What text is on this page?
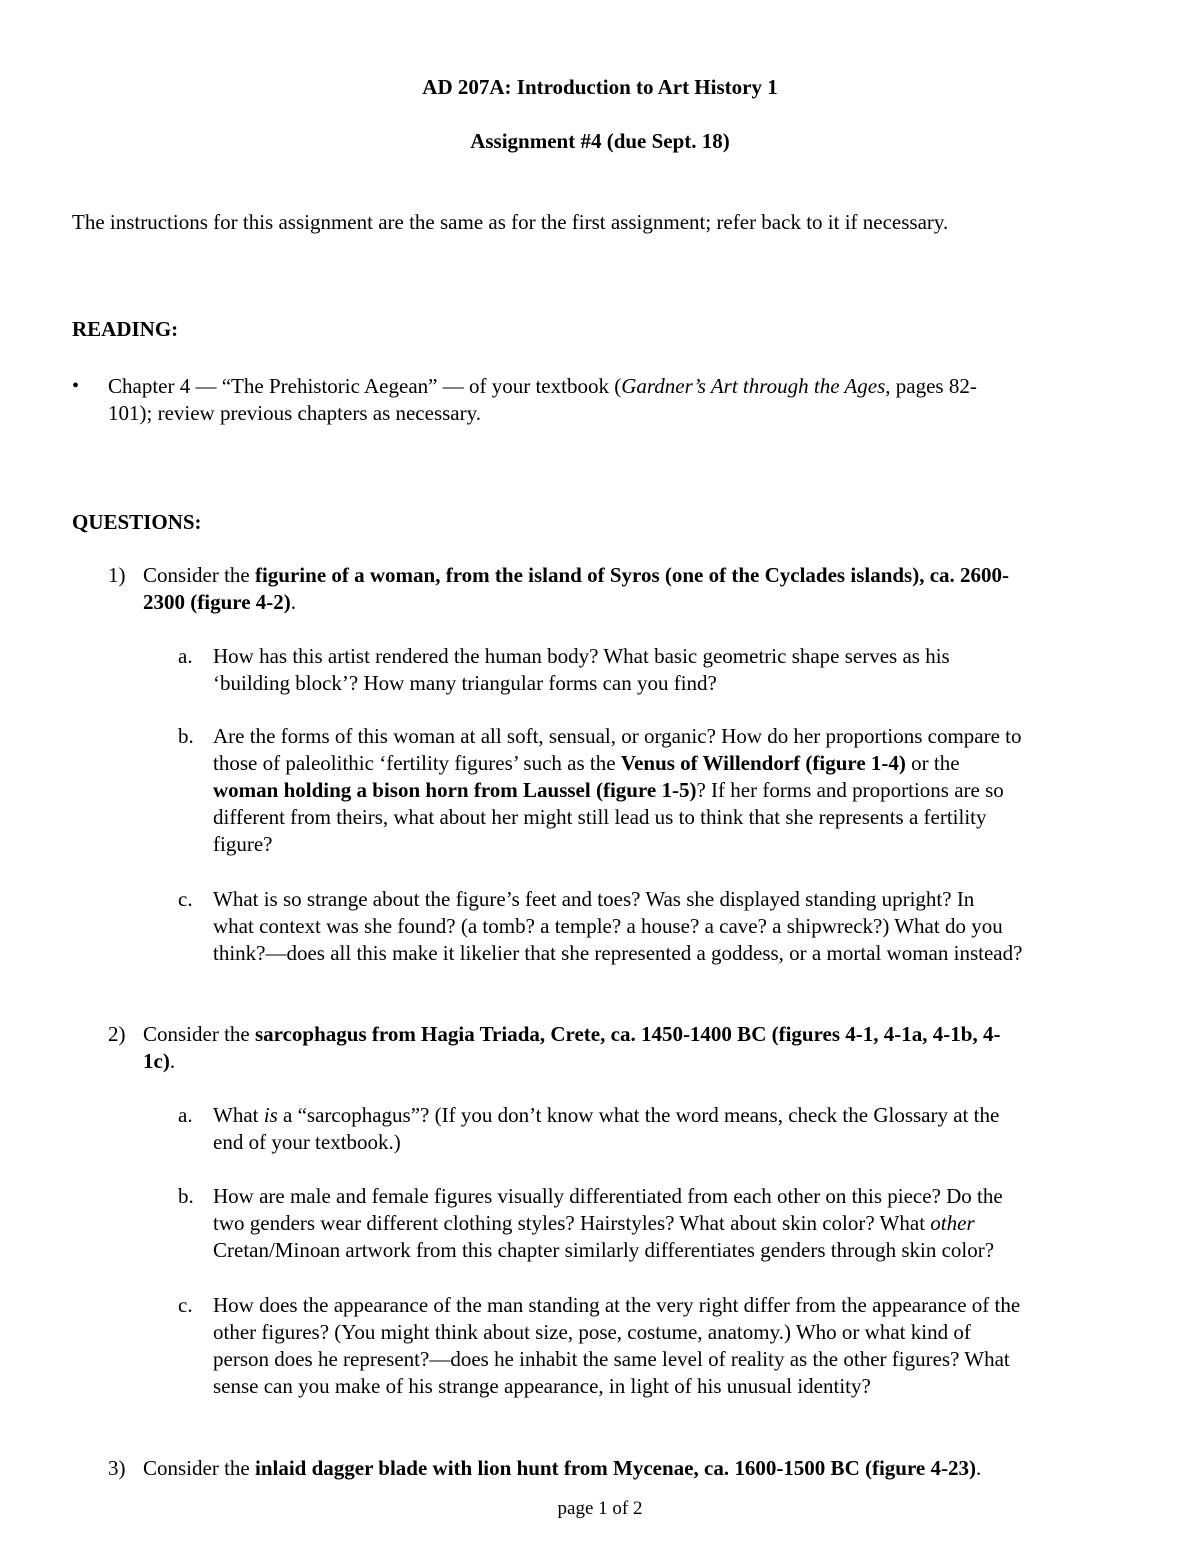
AD 207A: Introduction to Art History 1
Assignment #4 (due Sept. 18)
The instructions for this assignment are the same as for the first assignment; refer back to it if necessary.
READING:
• Chapter 4 — “The Prehistoric Aegean” — of your textbook (Gardner’s Art through the Ages, pages 82-
101); review previous chapters as necessary.
QUESTIONS:
1) Consider the figurine of a woman, from the island of Syros (one of the Cyclades islands), ca. 2600-
2300 (figure 4-2).
a. How has this artist rendered the human body? What basic geometric shape serves as his
‘building block’? How many triangular forms can you find?
b. Are the forms of this woman at all soft, sensual, or organic? How do her proportions compare to
those of paleolithic ‘fertility figures’ such as the Venus of Willendorf (figure 1-4) or the
woman holding a bison horn from Laussel (figure 1-5)? If her forms and proportions are so
different from theirs, what about her might still lead us to think that she represents a fertility
figure?
c. What is so strange about the figure’s feet and toes? Was she displayed standing upright? In
what context was she found? (a tomb? a temple? a house? a cave? a shipwreck?) What do you
think?—does all this make it likelier that she represented a goddess, or a mortal woman instead?
2) Consider the sarcophagus from Hagia Triada, Crete, ca. 1450-1400 BC (figures 4-1, 4-1a, 4-1b, 4-
1c).
a. What is a “sarcophagus”? (If you don’t know what the word means, check the Glossary at the
end of your textbook.)
b. How are male and female figures visually differentiated from each other on this piece? Do the
two genders wear different clothing styles? Hairstyles? What about skin color? What other
Cretan/Minoan artwork from this chapter similarly differentiates genders through skin color?
c. How does the appearance of the man standing at the very right differ from the appearance of the
other figures? (You might think about size, pose, costume, anatomy.) Who or what kind of
person does he represent?—does he inhabit the same level of reality as the other figures? What
sense can you make of his strange appearance, in light of his unusual identity?
3) Consider the inlaid dagger blade with lion hunt from Mycenae, ca. 1600-1500 BC (figure 4-23).
page 1 of 2
